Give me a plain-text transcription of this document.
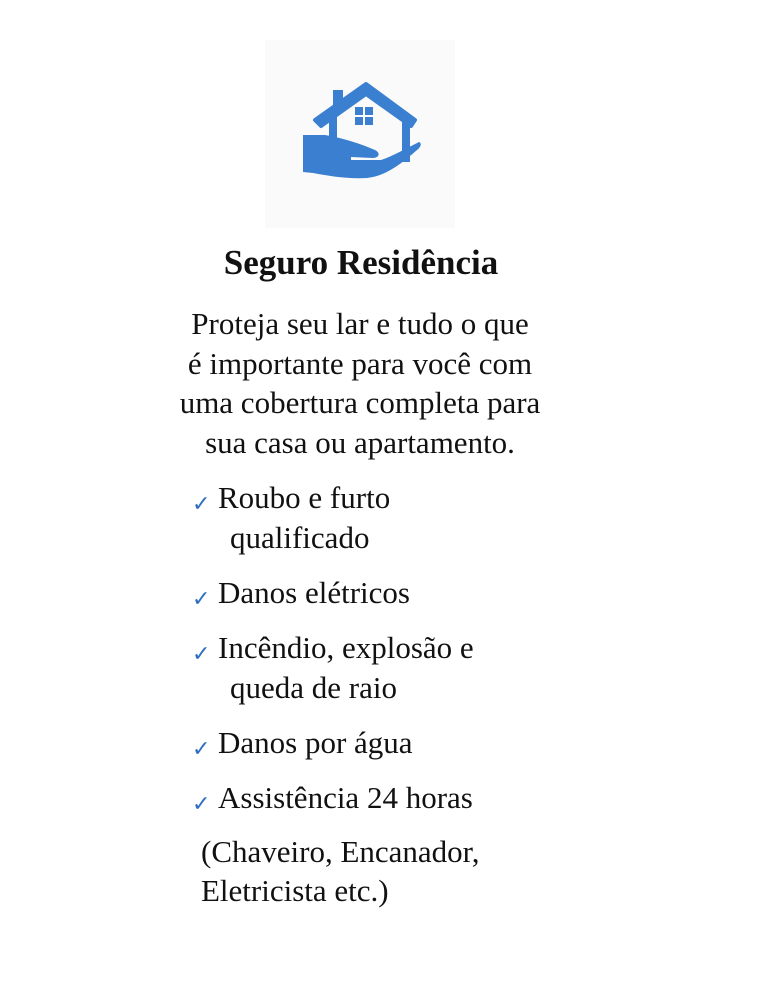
Seguro Residência
Proteja seu lar e tudo o que
é importante para você com
uma cobertura completa para
sua casa ou apartamento.
✓ Roubo e furto
qualificado
✓ Danos elétricos
✓ Incêndio, explosão e
queda de raio
✓ Danos por água
✓ Assistência 24 horas
(Chaveiro, Encanador,
Eletricista etc.)
